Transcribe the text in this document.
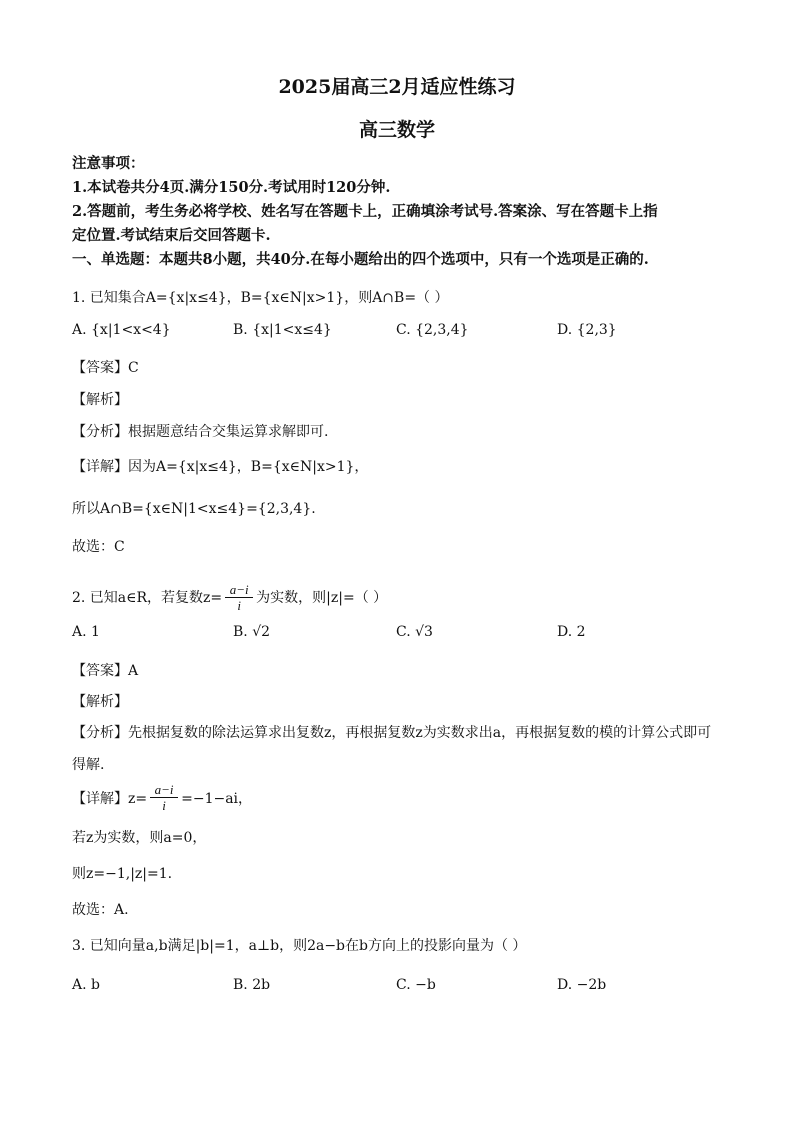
2025届高三2月适应性练习
高三数学
注意事项：
1.本试卷共分4页.满分150分.考试用时120分钟.
2.答题前，考生务必将学校、姓名写在答题卡上，正确填涂考试号.答案涂、写在答题卡上指
定位置.考试结束后交回答题卡.
一、单选题：本题共8小题，共40分.在每小题给出的四个选项中，只有一个选项是正确的.
1. 已知集合A={x|x≤4}，B={x∈N|x>1}，则A∩B=（ ）
A. {x|1<x<4}	B. {x|1<x≤4}	C. {2,3,4}	D. {2,3}
【答案】C
【解析】
【分析】根据题意结合交集运算求解即可.
【详解】因为A={x|x≤4}，B={x∈N|x>1}，
所以A∩B={x∈N|1<x≤4}={2,3,4}.
故选：C
2. 已知a∈R，若复数z= a−i
i 为实数，则|z|=（ ）
A. 1	B. √2	C. √3	D. 2
【答案】A
【解析】
【分析】先根据复数的除法运算求出复数z，再根据复数z为实数求出a，再根据复数的模的计算公式即可
得解.
【详解】z=
a−i
i =−1−ai，
若z为实数，则a=0，
则z=−1,|z|=1.
故选：A.
3. 已知向量a,b满足|b|=1，a⊥b，则2a−b在b方向上的投影向量为（ ）
A. b	B. 2b	C. −b	D. −2b
